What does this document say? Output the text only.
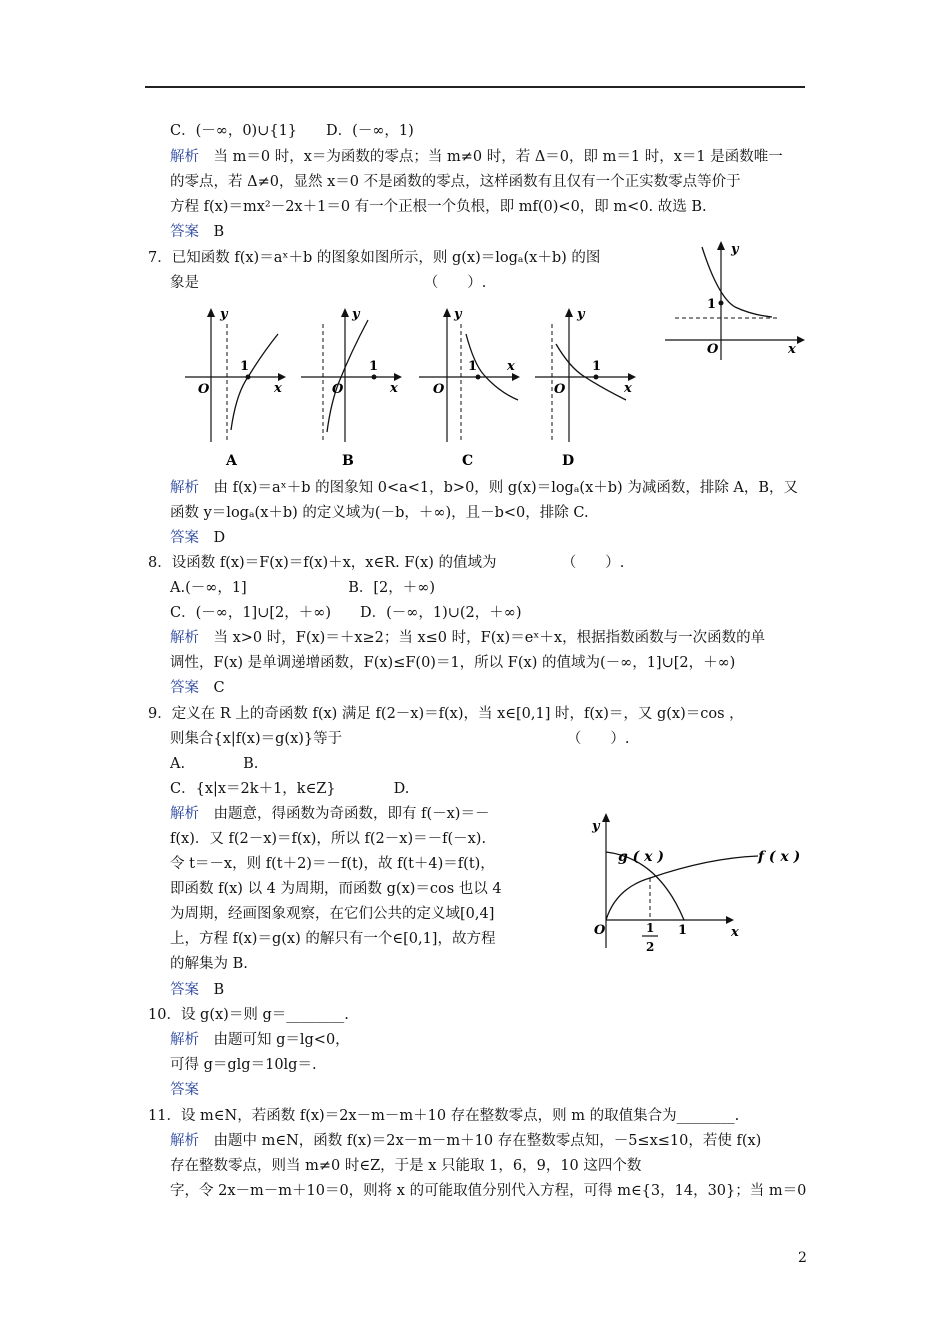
C．(－∞，0)∪{1}　　D．(－∞，1)
解析　当 m＝0 时，x＝为函数的零点；当 m≠0 时，若 Δ＝0，即 m＝1 时，x＝1 是函数唯一
的零点，若 Δ≠0，显然 x＝0 不是函数的零点，这样函数有且仅有一个正实数零点等价于
方程 f(x)＝mx²－2x＋1＝0 有一个正根一个负根，即 mf(0)<0，即 m<0. 故选 B.
答案　B
7．已知函数 f(x)＝aˣ＋b 的图象如图所示，则 g(x)＝logₐ(x＋b) 的图
象是　　　　　　　　　　　　　　　　（　　）.
1
y
x
O
1
y
x
O
A
1
y
x
O
B
1
y
x
O
C
1
y
x
O
D
解析　由 f(x)＝aˣ＋b 的图象知 0<a<1，b>0，则 g(x)＝logₐ(x＋b) 为减函数，排除 A，B，又
函数 y＝logₐ(x＋b) 的定义域为(－b，＋∞)，且－b<0，排除 C.
答案　D
8．设函数 f(x)＝F(x)＝f(x)＋x，x∈R. F(x) 的值域为　　　　　（　　）.
A.(－∞，1]　　　　　　　B．[2，＋∞)
C．(－∞，1]∪[2，＋∞)　　D．(－∞，1)∪(2，＋∞)
解析　当 x>0 时，F(x)＝＋x≥2；当 x≤0 时，F(x)＝eˣ＋x，根据指数函数与一次函数的单
调性，F(x) 是单调递增函数，F(x)≤F(0)＝1，所以 F(x) 的值域为(－∞，1]∪[2，＋∞)
答案　C
9．定义在 R 上的奇函数 f(x) 满足 f(2－x)＝f(x)，当 x∈[0,1] 时，f(x)＝，又 g(x)＝cos ，
则集合{x|f(x)＝g(x)}等于　　　　　　　　　　　　　　　　（　　）.
A.　　　　B.
C．{x|x＝2k＋1，k∈Z}　　　　D.
解析　由题意，得函数为奇函数，即有 f(－x)＝－
f(x)．又 f(2－x)＝f(x)，所以 f(2－x)＝－f(－x).
令 t＝－x，则 f(t＋2)＝－f(t)，故 f(t＋4)＝f(t)，
即函数 f(x) 以 4 为周期，而函数 g(x)＝cos 也以 4
为周期，经画图象观察，在它们公共的定义域[0,4]
上，方程 f(x)＝g(x) 的解只有一个∈[0,1]，故方程
的解集为 B.
答案　B
y
x
O	1
1
2
g ( x )	f ( x )
10．设 g(x)＝则 g＝________.
解析　由题可知 g＝lg<0，
可得 g＝glg＝10lg＝.
答案
11．设 m∈N，若函数 f(x)＝2x－m－m＋10 存在整数零点，则 m 的取值集合为________.
解析　由题中 m∈N，函数 f(x)＝2x－m－m＋10 存在整数零点知，－5≤x≤10，若使 f(x)
存在整数零点，则当 m≠0 时∈Z，于是 x 只能取 1，6，9，10 这四个数
字，令 2x－m－m＋10＝0，则将 x 的可能取值分别代入方程，可得 m∈{3，14，30}；当 m＝0
2
